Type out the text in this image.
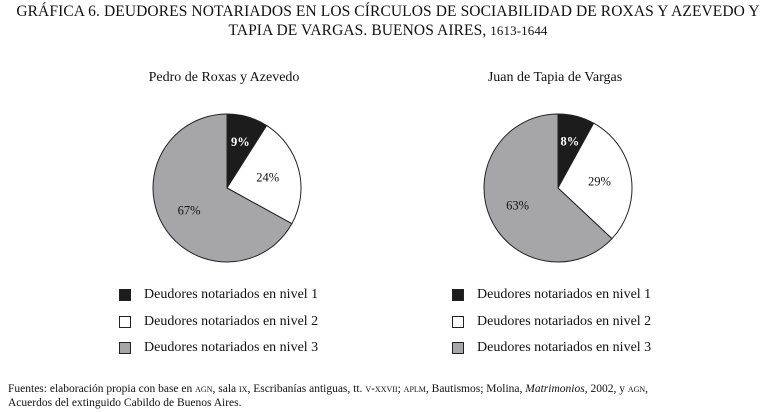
GRÁFICA 6. DEUDORES NOTARIADOS EN LOS CÍRCULOS DE SOCIABILIDAD DE ROXAS Y AZEVEDO Y
TAPIA DE VARGAS. BUENOS AIRES, 1613-1644
Pedro de Roxas y Azevedo	Juan de Tapia de Vargas
9%
24%
67%
8%
29%
63%
Deudores notariados en nivel 1
Deudores notariados en nivel 2
Deudores notariados en nivel 3
Deudores notariados en nivel 1
Deudores notariados en nivel 2
Deudores notariados en nivel 3
Fuentes: elaboración propia con base en agn, sala ix, Escribanías antiguas, tt. v-xxvii; aplm, Bautismos; Molina, Matrimonios, 2002, y agn,
Acuerdos del extinguido Cabildo de Buenos Aires.
